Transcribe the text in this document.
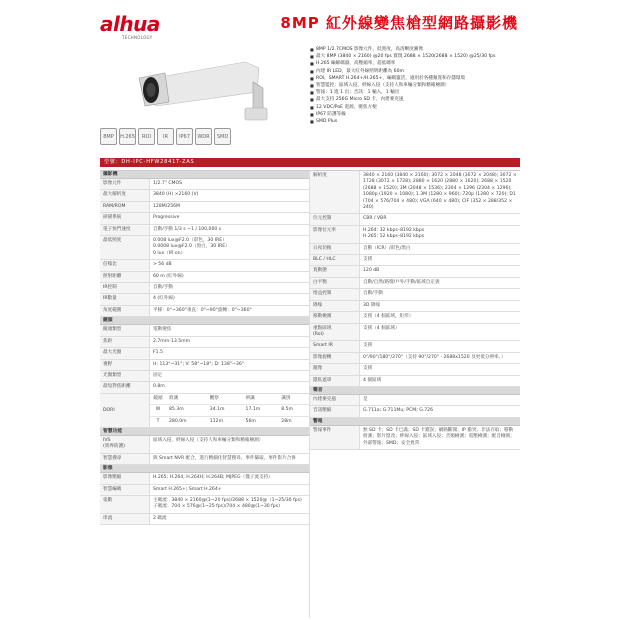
alhua
TECHNOLOGY
8MP 紅外線變焦槍型網路攝影機
8MP	H.265	ROI	IR	IP67	WDR	SMD
■ 8MP 1/2.7CMOS 影像元件，低照度，高清晰度圖像
■ 最大 8MP (3840 × 2160) @20 fps 實現 2688 × 1520(2688 × 1520) @25/30 fps
■ H.265 編解碼器，高壓縮率，超低碼率
■ 內建 IR LED，最大紅外線照明距離為 60m
■ ROI，SMART H.264+/H.265+，編碼靈活，適用於各種頻寬和存儲環境
■ 智慧監控：區域入侵，絆線入侵（支持人和車輛分類和精確檢測）
■ 警報：1 進 1 出；音訊：1 輸入，1 輸出
■ 最大支持 256G Micro SD 卡，內建麥克風
■ 12 VDC/PoE 電源，變焦方便
■ IP67 防護等級
■ SMD Plus
型號：DH-IPC-HFW2841T-ZAS
攝影機
影像元件	1/2.7" CMOS
最大解析度	3840 (H) ×2160 (V)
RAM/ROM	128M/256M
掃描系統	Progressive
電子快門速度	自動/手動 1/3 s ~1 / 100,000 s
最低照度	0.008 lux@F2.0（彩色，30 IRE）
0.0008 lux@F2.0（黑白，30 IRE）
0 lux（IR on）
信噪比	> 56 dB
照射距離	60 m (紅外線)
IR控制	自動/手動
IR數量	4 (紅外線)
角度範圍	平移：0°~360°垂直：0°~90°旋轉：0°~360°
鏡頭
鏡頭類型	電動變焦
焦距	2.7mm-13.5mm
最大光圈	F1.5
視野	H: 113°~31°; V: 58°~18°; D: 138°~36°
光圈類型	固定
最短對焦距離	0.8m
DORI
鏡頭	偵測	觀察	辨識	識別
W	85.3m	34.1m	17.1m	8.5m
T	280.0m	112m	56m	28m
智慧功能
IVS
(周界防護)
區域入侵，絆線入侵（支持人和車輛分類和精確檢測）
智慧搜尋	與 Smart NVR 配合，進行精細化智慧搜尋，事件篩取，事件影片合併
影像
影像壓縮	H.265; H.264; H.264H; H.264B; MJPEG（僅子流支持）
智慧編碼	Smart H.265+; Smart H.264+
張數	主碼流：3840 × 2160@(1~20 fps)/2688 × 1520@（1~25/30 fps)
子碼流：704 × 576@(1~25 fps)/704 × 480@(1~30 fps)
串流	2 碼流
解析度	3840 × 2160 (3840 × 2160); 3072 × 2048 (3072 × 2048); 3072 × 1728 (3072 × 1728); 2880 × 1620 (2880 × 1620); 2688 × 1520 (2688 × 1520); 3M (2048 × 1536); 2304 × 1296 (2304 × 1296); 1080p (1920 × 1080); 1.3M (1280 × 960); 720p (1280 × 720); D1 (704 × 576/704 × 480); VGA (640 × 480); CIF (352 × 288/352 × 240)
位元控制	CBR / VBR
影像位元率	H.264: 32 kbps–8192 kbps
H.265: 12 kbps–8192 kbps
日夜切換	自動（ICR）/彩色/黑白
BLC / HLC	支援
寬動態	120 dB
白平衡	自動/自然/路燈/戶外/手動/區域自定義
增益控制	自動/手動
降噪	3D 降噪
移動檢測	支援（4 個區域，矩形）
重點區域
(RoI)
支援（4 個區域）
Smart IR	支援
影像旋轉	0°/90°/180°/270°（支持 90°/270° · 2688x1520 及更低分辨率。）
鏡像	支援
隱私遮罩	4 個區域
聲音
內建麥克風	是
音訊壓縮	G.711a; G.711Mu; PCM; G.726
警報
警報事件	無 SD 卡；SD 卡已滿；SD 卡錯誤；網路斷開；IP 衝突；非法存取；移動偵測；影片竄改；絆線入侵；區域入侵；音頻檢測；電壓檢測；配音檢測；外部警報；SMD；安全異常
